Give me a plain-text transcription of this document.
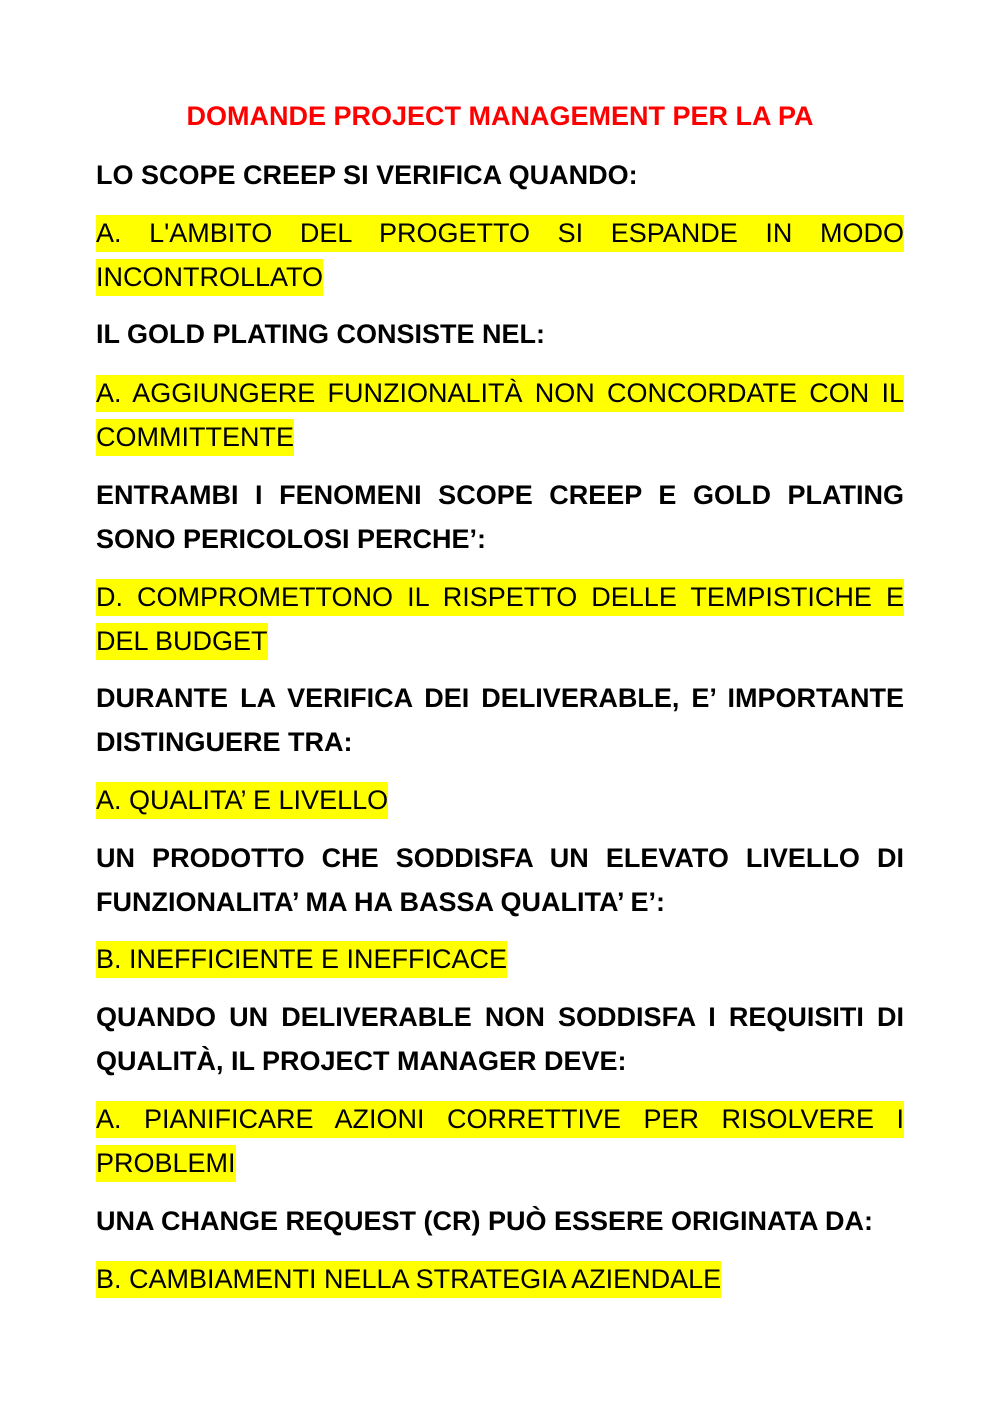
DOMANDE PROJECT MANAGEMENT PER LA PA
LO SCOPE CREEP SI VERIFICA QUANDO:
A. L'AMBITO DEL PROGETTO SI ESPANDE IN MODO INCONTROLLATO
IL GOLD PLATING CONSISTE NEL:
A. AGGIUNGERE FUNZIONALITÀ NON CONCORDATE CON IL COMMITTENTE
ENTRAMBI I FENOMENI SCOPE CREEP E GOLD PLATING SONO PERICOLOSI PERCHE’:
D. COMPROMETTONO IL RISPETTO DELLE TEMPISTICHE E DEL BUDGET
DURANTE LA VERIFICA DEI DELIVERABLE, E’ IMPORTANTE DISTINGUERE TRA:
A. QUALITA’ E LIVELLO
UN PRODOTTO CHE SODDISFA UN ELEVATO LIVELLO DI FUNZIONALITA’ MA HA BASSA QUALITA’ E’:
B. INEFFICIENTE E INEFFICACE
QUANDO UN DELIVERABLE NON SODDISFA I REQUISITI DI QUALITÀ, IL PROJECT MANAGER DEVE:
A. PIANIFICARE AZIONI CORRETTIVE PER RISOLVERE I PROBLEMI
UNA CHANGE REQUEST (CR) PUÒ ESSERE ORIGINATA DA:
B. CAMBIAMENTI NELLA STRATEGIA AZIENDALE
